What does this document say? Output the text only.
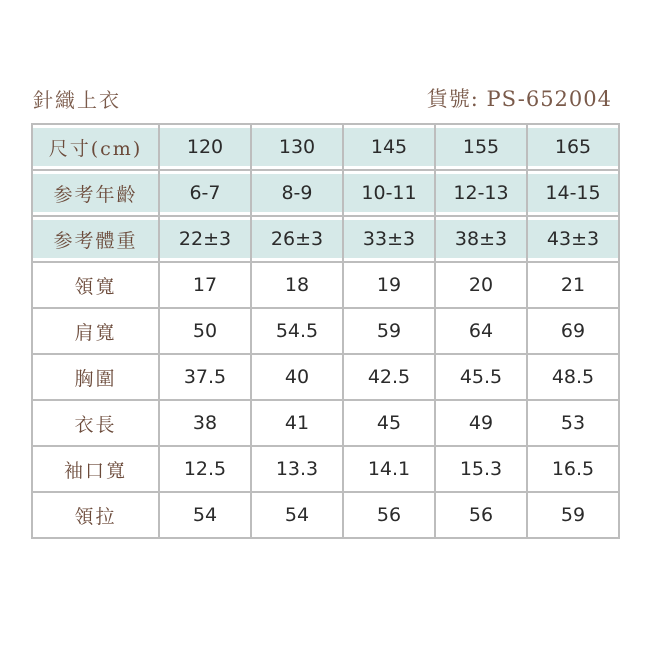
針織上衣	貨號: PS-652004
尺寸(cm)	120	130	145	155	165
参考年齡	6-7	8-9	10-11	12-13	14-15
参考體重	22±3	26±3	33±3	38±3	43±3
領寬	17	18	19	20	21
肩寬	50	54.5	59	64	69
胸圍	37.5	40	42.5	45.5	48.5
衣長	38	41	45	49	53
袖口寬	12.5	13.3	14.1	15.3	16.5
領拉	54	54	56	56	59
